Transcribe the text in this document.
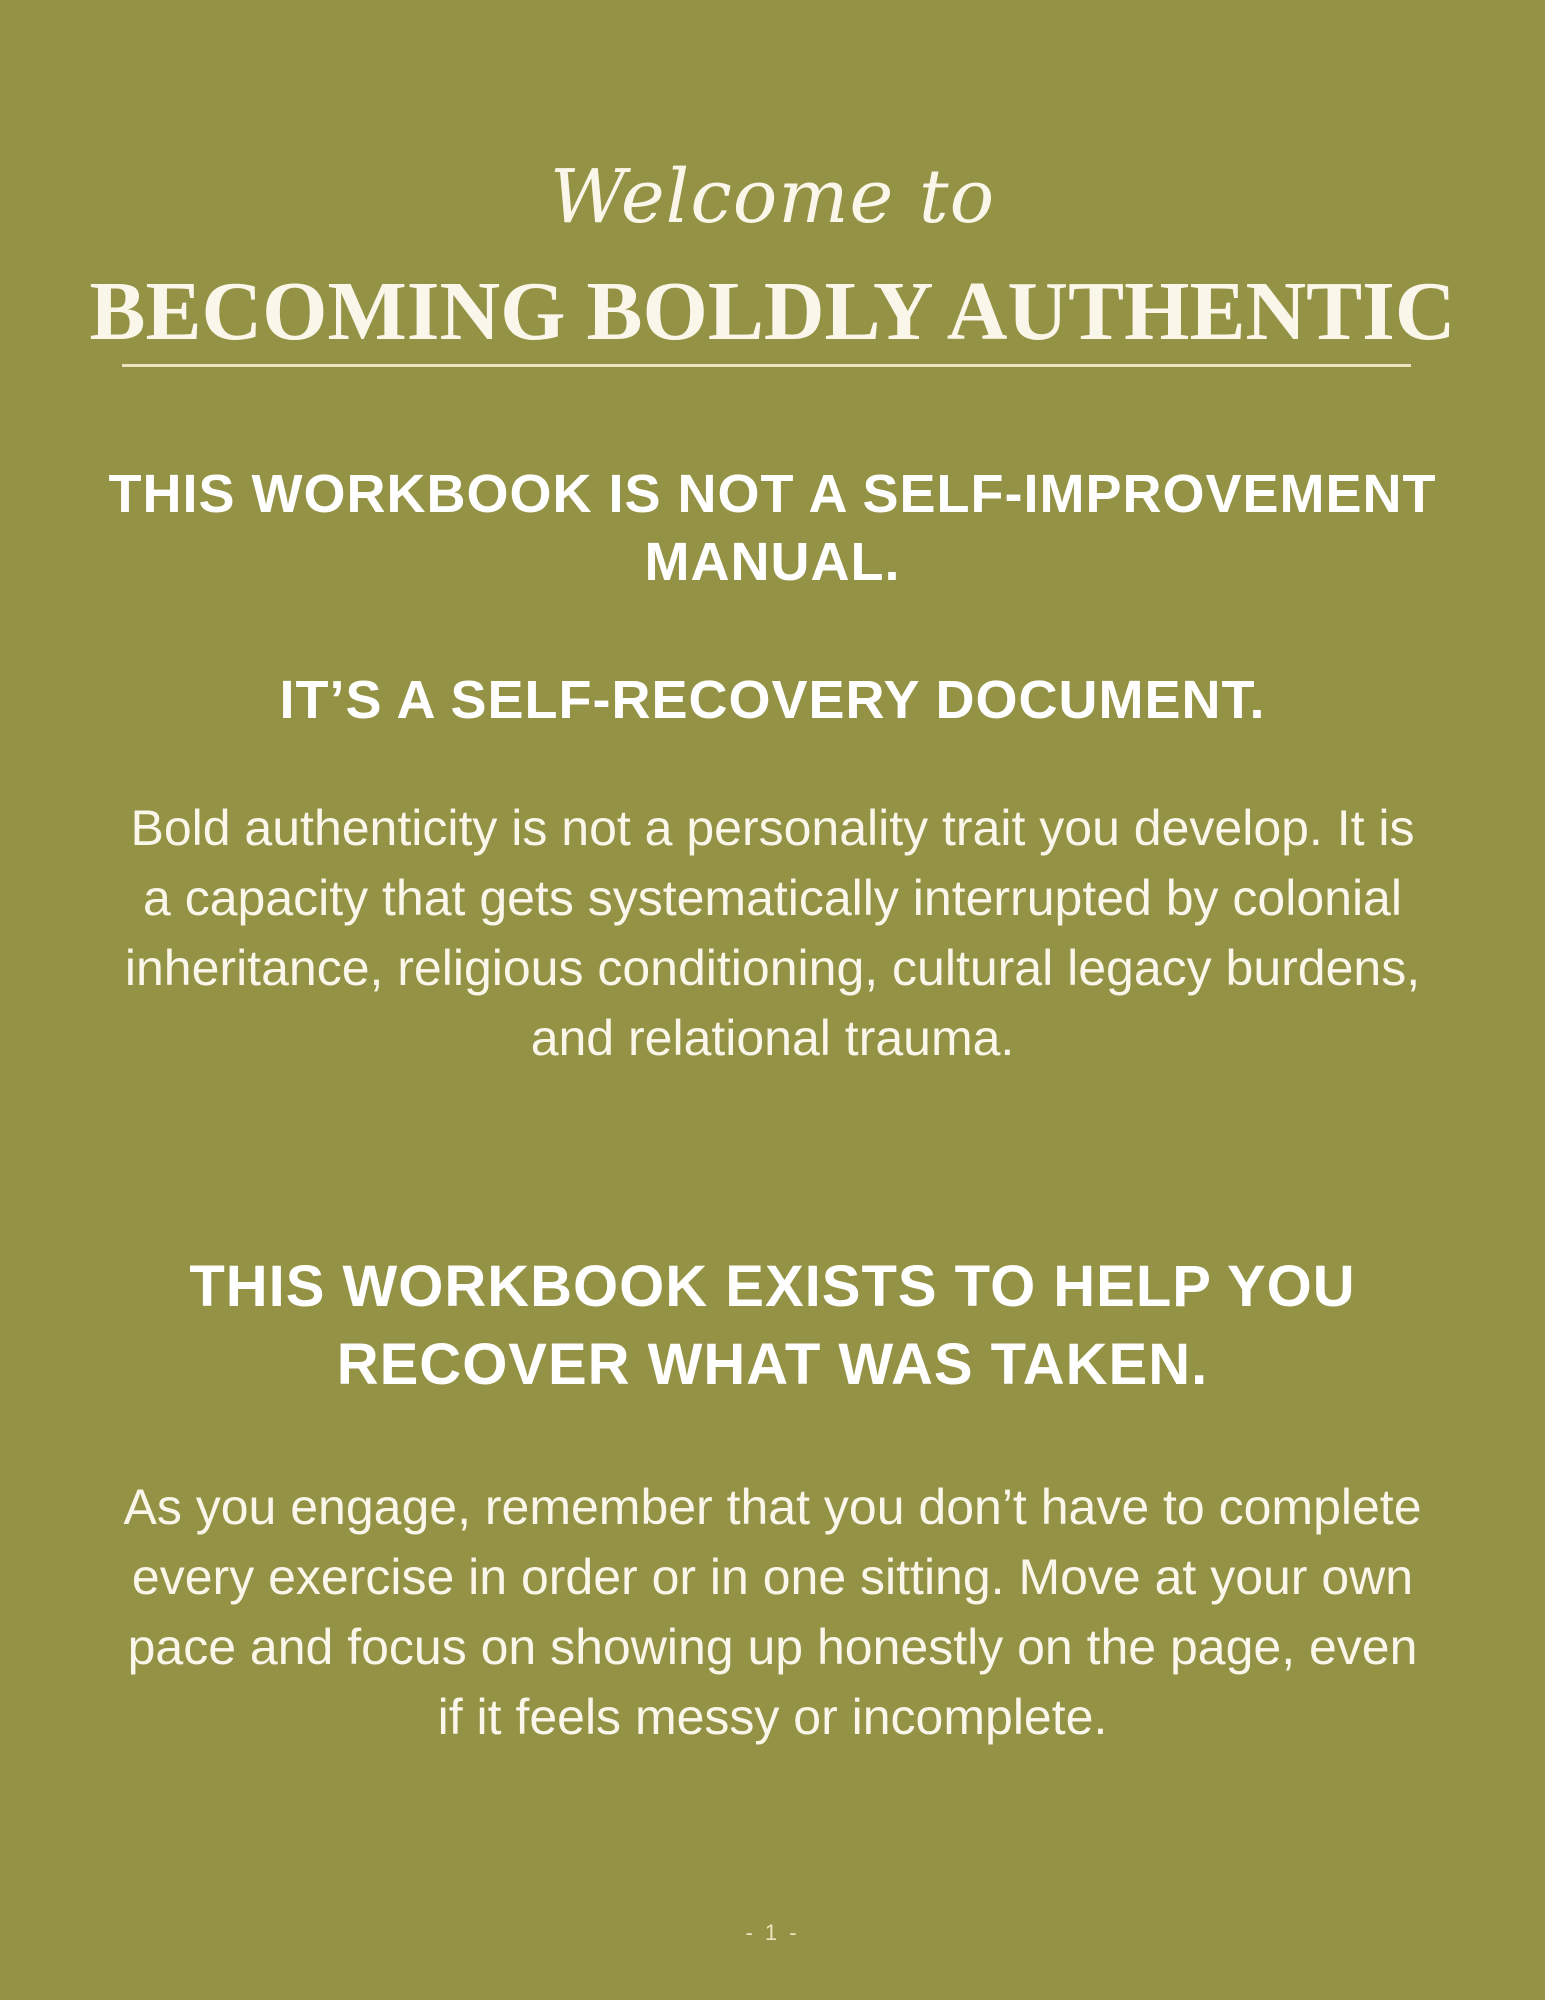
Welcome to
BECOMING BOLDLY AUTHENTIC
THIS WORKBOOK IS NOT A SELF-IMPROVEMENT MANUAL.
IT’S A SELF-RECOVERY DOCUMENT.
Bold authenticity is not a personality trait you develop. It is a capacity that gets systematically interrupted by colonial inheritance, religious conditioning, cultural legacy burdens, and relational trauma.
THIS WORKBOOK EXISTS TO HELP YOU RECOVER WHAT WAS TAKEN.
As you engage, remember that you don’t have to complete every exercise in order or in one sitting. Move at your own pace and focus on showing up honestly on the page, even if it feels messy or incomplete.
- 1 -
